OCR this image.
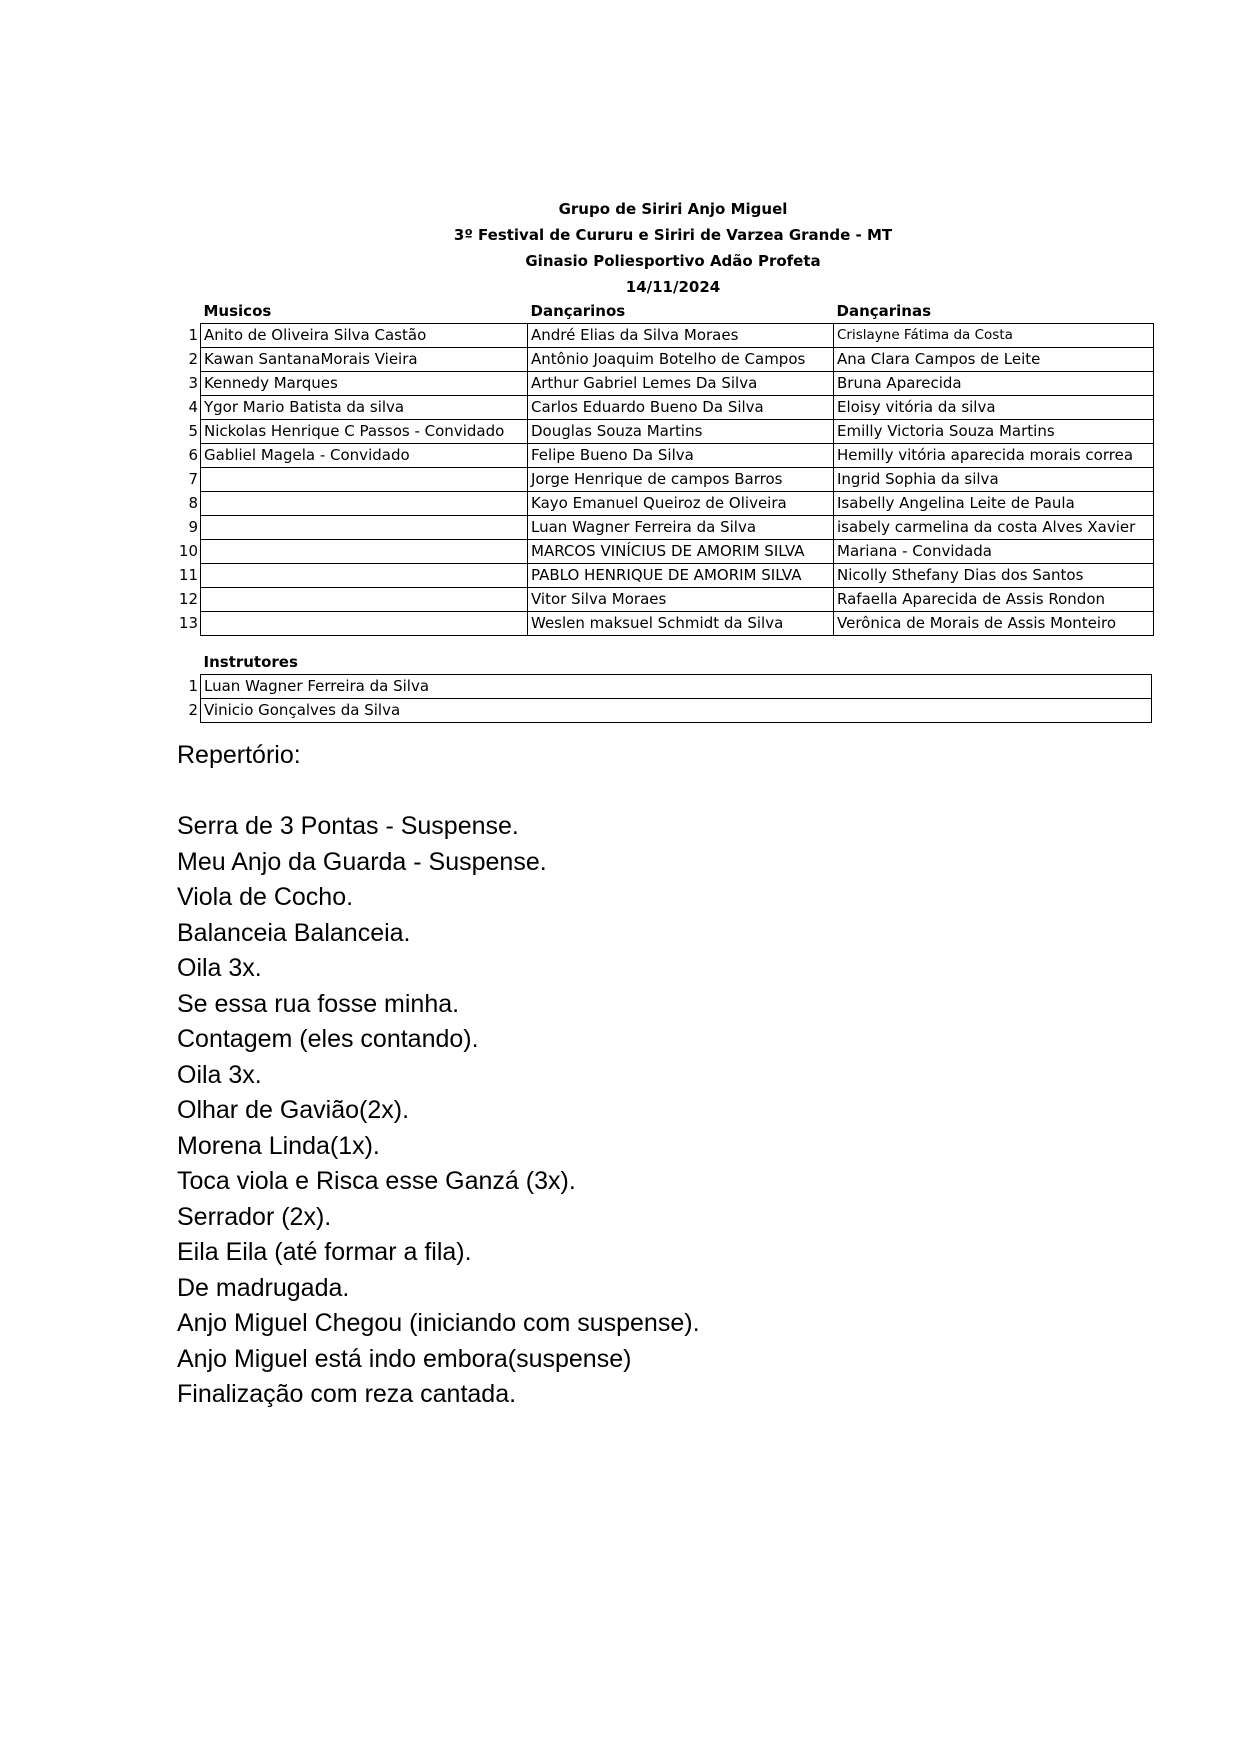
Grupo de Siriri Anjo Miguel
3º Festival de Cururu e Siriri de Varzea Grande - MT
Ginasio Poliesportivo Adão Profeta
14/11/2024
	Musicos	Dançarinos	Dançarinas
1	Anito de Oliveira Silva Castão	André Elias da Silva Moraes	Crislayne Fátima da Costa
2	Kawan SantanaMorais Vieira	Antônio Joaquim Botelho de Campos	Ana Clara Campos de Leite
3	Kennedy Marques	Arthur Gabriel Lemes Da Silva	Bruna Aparecida
4	Ygor Mario Batista da silva	Carlos Eduardo Bueno Da Silva	Eloisy vitória da silva
5	Nickolas Henrique C Passos - Convidado	Douglas Souza Martins	Emilly Victoria Souza Martins
6	Gabliel Magela - Convidado	Felipe Bueno Da Silva	Hemilly vitória aparecida morais correa
7		Jorge Henrique de campos Barros	Ingrid Sophia da silva
8		Kayo Emanuel Queiroz de Oliveira	Isabelly Angelina Leite de Paula
9		Luan Wagner Ferreira da Silva	isabely carmelina da costa Alves Xavier
10		MARCOS VINÍCIUS DE AMORIM SILVA	Mariana - Convidada
11		PABLO HENRIQUE DE AMORIM SILVA	Nicolly Sthefany Dias dos Santos
12		Vitor Silva Moraes	Rafaella Aparecida de Assis Rondon
13		Weslen maksuel Schmidt da Silva	Verônica de Morais de Assis Monteiro
	Instrutores
1	Luan Wagner Ferreira da Silva
2	Vinicio Gonçalves da Silva
Repertório:
Serra de 3 Pontas - Suspense.
Meu Anjo da Guarda - Suspense.
Viola de Cocho.
Balanceia Balanceia.
Oila 3x.
Se essa rua fosse minha.
Contagem (eles contando).
Oila 3x.
Olhar de Gavião(2x).
Morena Linda(1x).
Toca viola e Risca esse Ganzá (3x).
Serrador (2x).
Eila Eila (até formar a fila).
De madrugada.
Anjo Miguel Chegou (iniciando com suspense).
Anjo Miguel está indo embora(suspense)
Finalização com reza cantada.
